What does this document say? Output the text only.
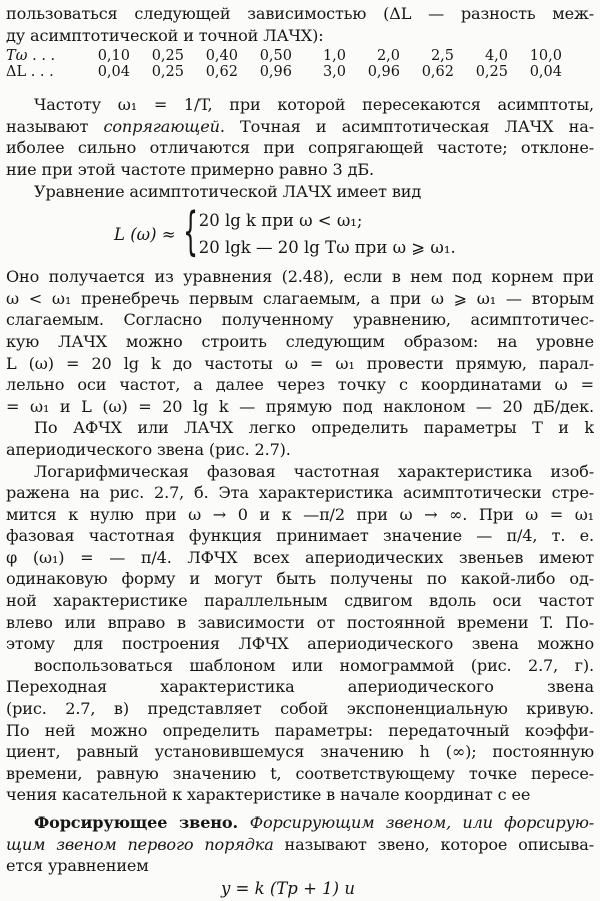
пользоваться следующей зависимостью (ΔL — разность меж-
ду асимптотической и точной ЛАЧХ):
Tω . . .	0,10	0,25	0,40	0,50	1,0	2,0	2,5	4,0	10,0
ΔL . . .	0,04	0,25	0,62	0,96	3,0	0,96	0,62	0,25	0,04
Частоту ω₁ = 1/T, при которой пересекаются асимптоты,
называют сопрягающей. Точная и асимптотическая ЛАЧХ на-
иболее сильно отличаются при сопрягающей частоте; отклоне-
ние при этой частоте примерно равно 3 дБ.
Уравнение асимптотической ЛАЧХ имеет вид
L (ω) ≈ { 20 lg k при ω < ω₁;
20 lgk — 20 lg Tω при ω ⩾ ω₁.
Оно получается из уравнения (2.48), если в нем под корнем при
ω < ω₁ пренебречь первым слагаемым, а при ω ⩾ ω₁ — вторым
слагаемым. Согласно полученному уравнению, асимптотичес-
кую ЛАЧХ можно строить следующим образом: на уровне
L (ω) = 20 lg k до частоты ω = ω₁ провести прямую, парал-
лельно оси частот, а далее через точку с координатами ω =
= ω₁ и L (ω) = 20 lg k — прямую под наклоном — 20 дБ/дек.
По АФЧХ или ЛАЧХ легко определить параметры T и k
апериодического звена (рис. 2.7).
Логарифмическая фазовая частотная характеристика изоб-
ражена на рис. 2.7, б. Эта характеристика асимптотически стре-
мится к нулю при ω → 0 и к —π/2 при ω → ∞. При ω = ω₁
фазовая частотная функция принимает значение — π/4, т. е.
φ (ω₁) = — π/4. ЛФЧХ всех апериодических звеньев имеют
одинаковую форму и могут быть получены по какой-либо од-
ной характеристике параллельным сдвигом вдоль оси частот
влево или вправо в зависимости от постоянной времени T. По-
этому для построения ЛФЧХ апериодического звена можно
воспользоваться шаблоном или номограммой (рис. 2.7, г).
Переходная характеристика апериодического звена
(рис. 2.7, в) представляет собой экспоненциальную кривую.
По ней можно определить параметры: передаточный коэффи-
циент, равный установившемуся значению h (∞); постоянную
времени, равную значению t, соответствующему точке пересе-
чения касательной к характеристике в начале координат с ее
Форсирующее звено. Форсирующим звеном, или форсирую-
щим звеном первого порядка называют звено, которое описыва-
ется уравнением
y = k (Tp + 1) u
